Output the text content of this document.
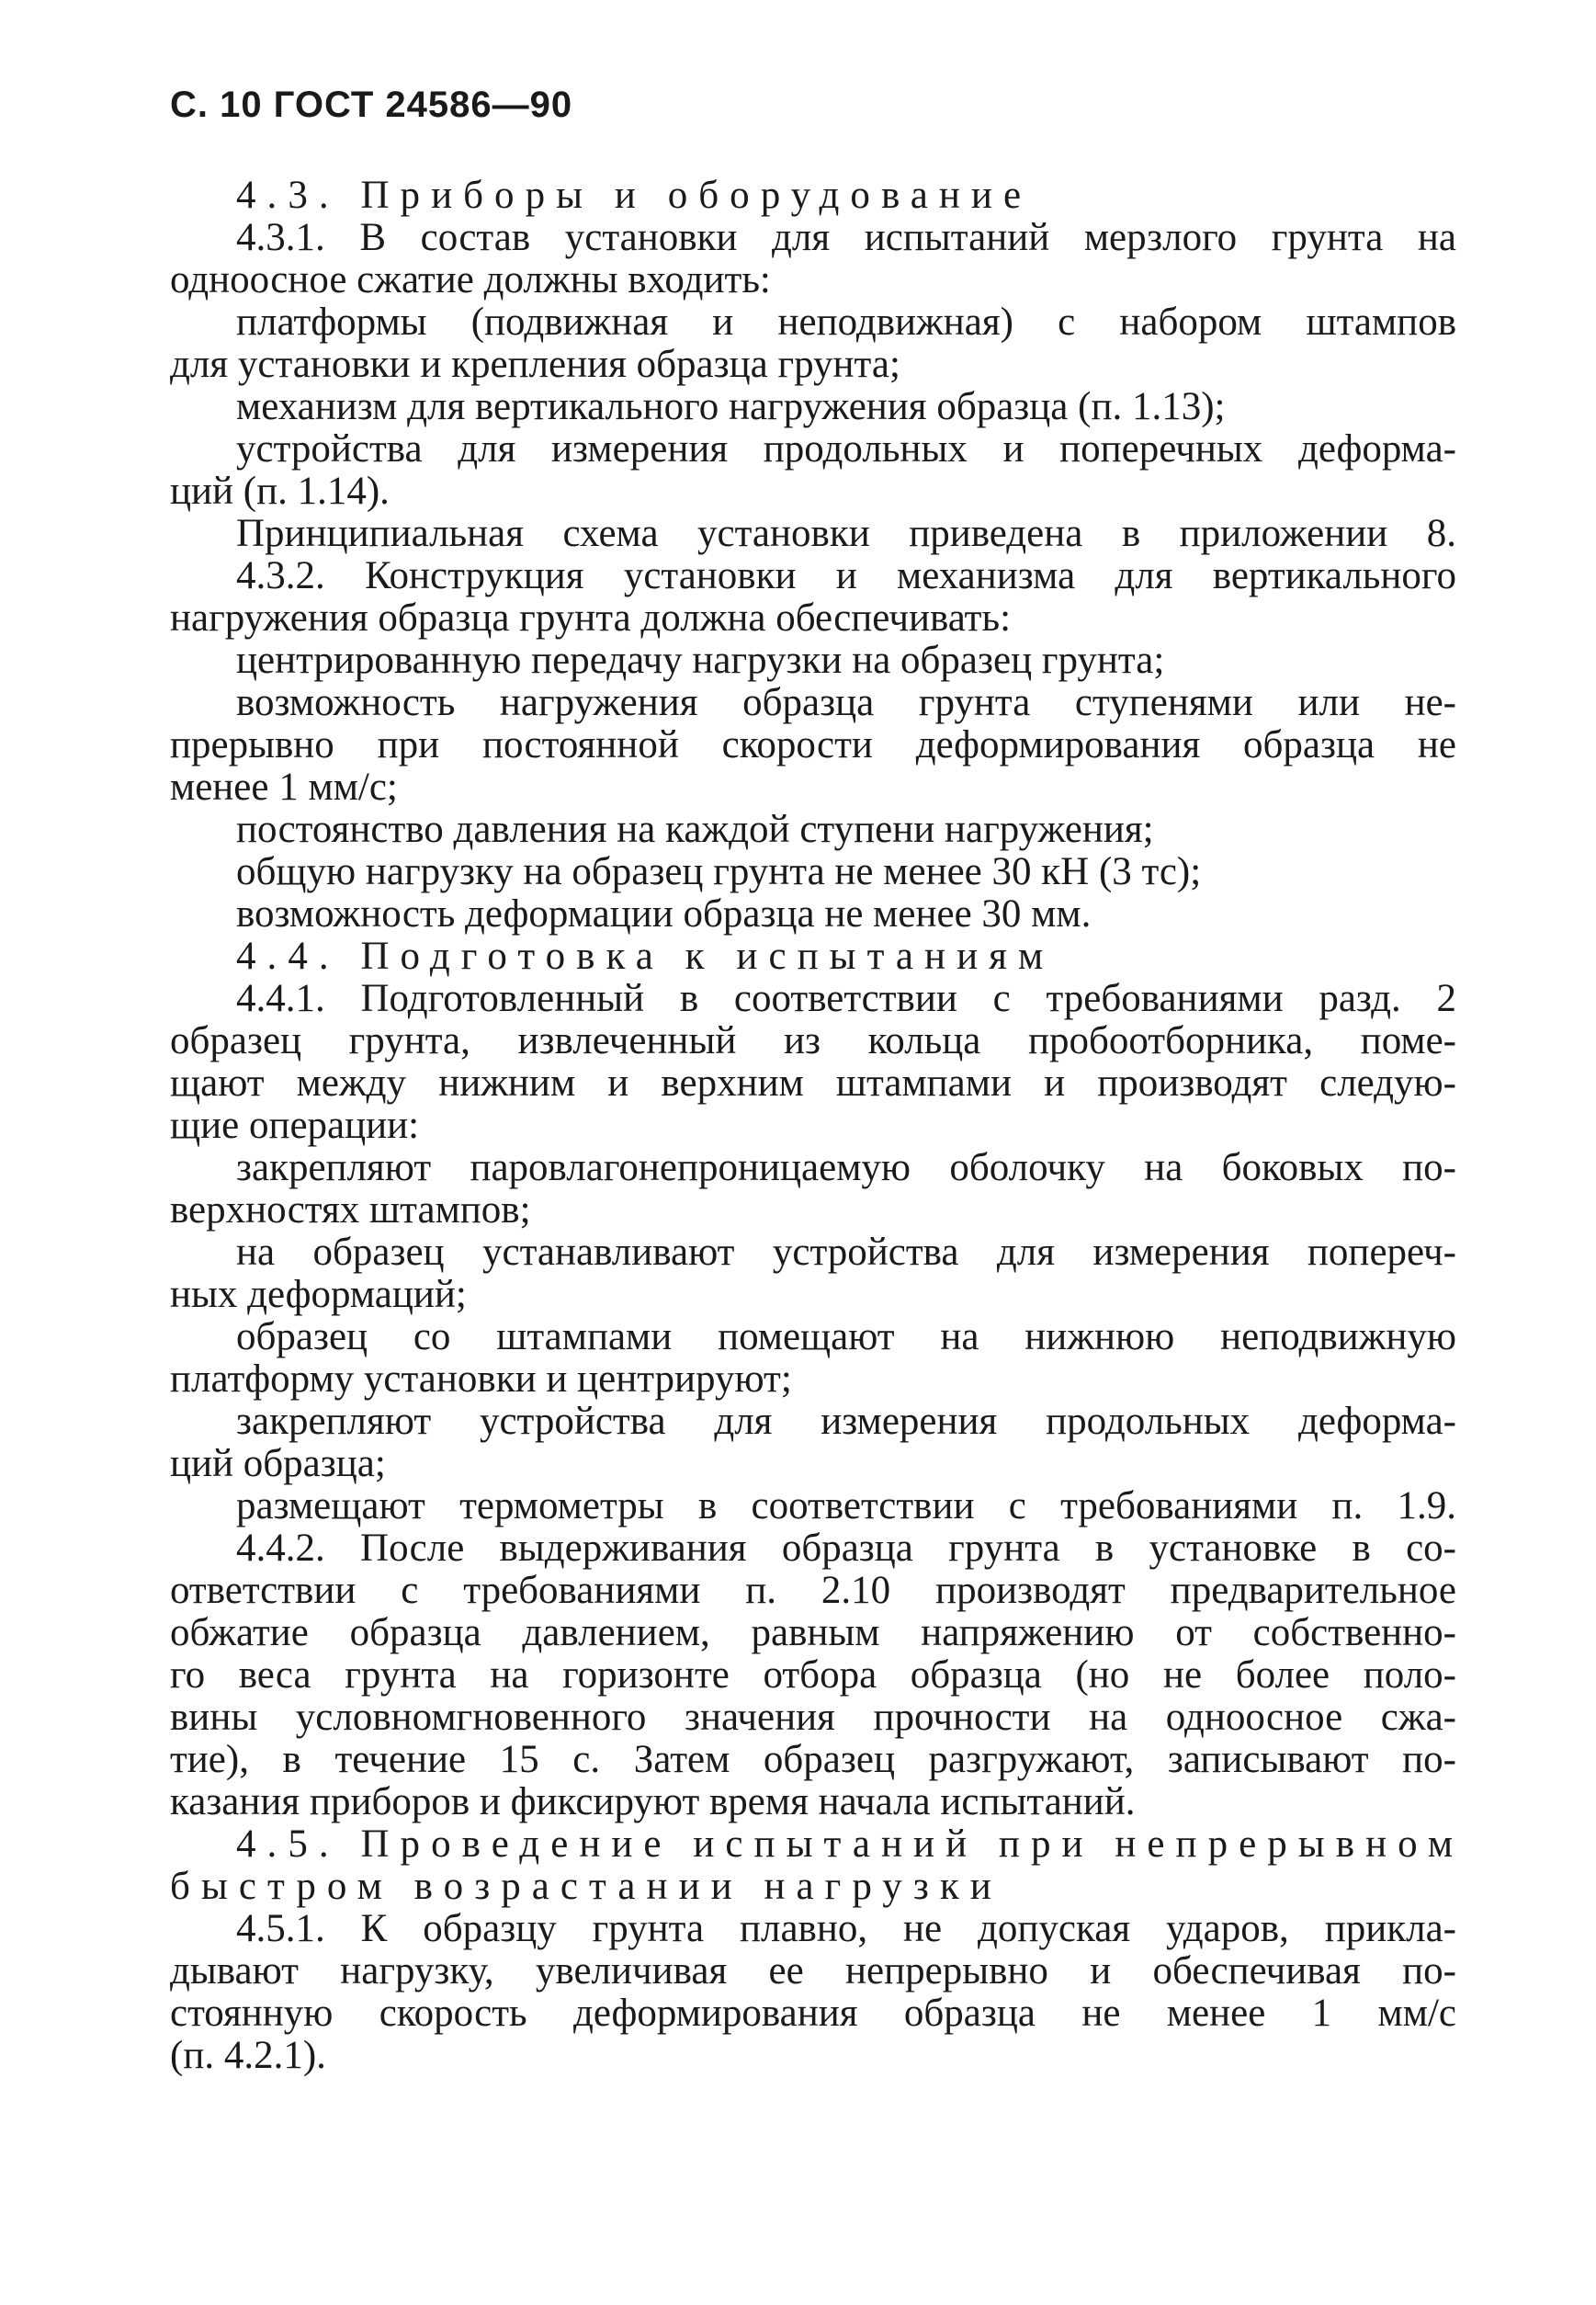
С. 10 ГОСТ 24586—90
4.3. Приборы и оборудование
4.3.1. В состав установки для испытаний мерзлого грунта на
одноосное сжатие должны входить:
платформы (подвижная и неподвижная) с набором штампов
для установки и крепления образца грунта;
механизм для вертикального нагружения образца (п. 1.13);
устройства для измерения продольных и поперечных деформа-
ций (п. 1.14).
Принципиальная схема установки приведена в приложении 8.
4.3.2. Конструкция установки и механизма для вертикального
нагружения образца грунта должна обеспечивать:
центрированную передачу нагрузки на образец грунта;
возможность нагружения образца грунта ступенями или не-
прерывно при постоянной скорости деформирования образца не
менее 1 мм/с;
постоянство давления на каждой ступени нагружения;
общую нагрузку на образец грунта не менее 30 кН (3 тс);
возможность деформации образца не менее 30 мм.
4.4. Подготовка к испытаниям
4.4.1. Подготовленный в соответствии с требованиями разд. 2
образец грунта, извлеченный из кольца пробоотборника, поме-
щают между нижним и верхним штампами и производят следую-
щие операции:
закрепляют паровлагонепроницаемую оболочку на боковых по-
верхностях штампов;
на образец устанавливают устройства для измерения попереч-
ных деформаций;
образец со штампами помещают на нижнюю неподвижную
платформу установки и центрируют;
закрепляют устройства для измерения продольных деформа-
ций образца;
размещают термометры в соответствии с требованиями п. 1.9.
4.4.2. После выдерживания образца грунта в установке в со-
ответствии с требованиями п. 2.10 производят предварительное
обжатие образца давлением, равным напряжению от собственно-
го веса грунта на горизонте отбора образца (но не более поло-
вины условномгновенного значения прочности на одноосное сжа-
тие), в течение 15 с. Затем образец разгружают, записывают по-
казания приборов и фиксируют время начала испытаний.
4.5. Проведение испытаний при непрерывном
быстром возрастании нагрузки
4.5.1. К образцу грунта плавно, не допуская ударов, прикла-
дывают нагрузку, увеличивая ее непрерывно и обеспечивая по-
стоянную скорость деформирования образца не менее 1 мм/с
(п. 4.2.1).
